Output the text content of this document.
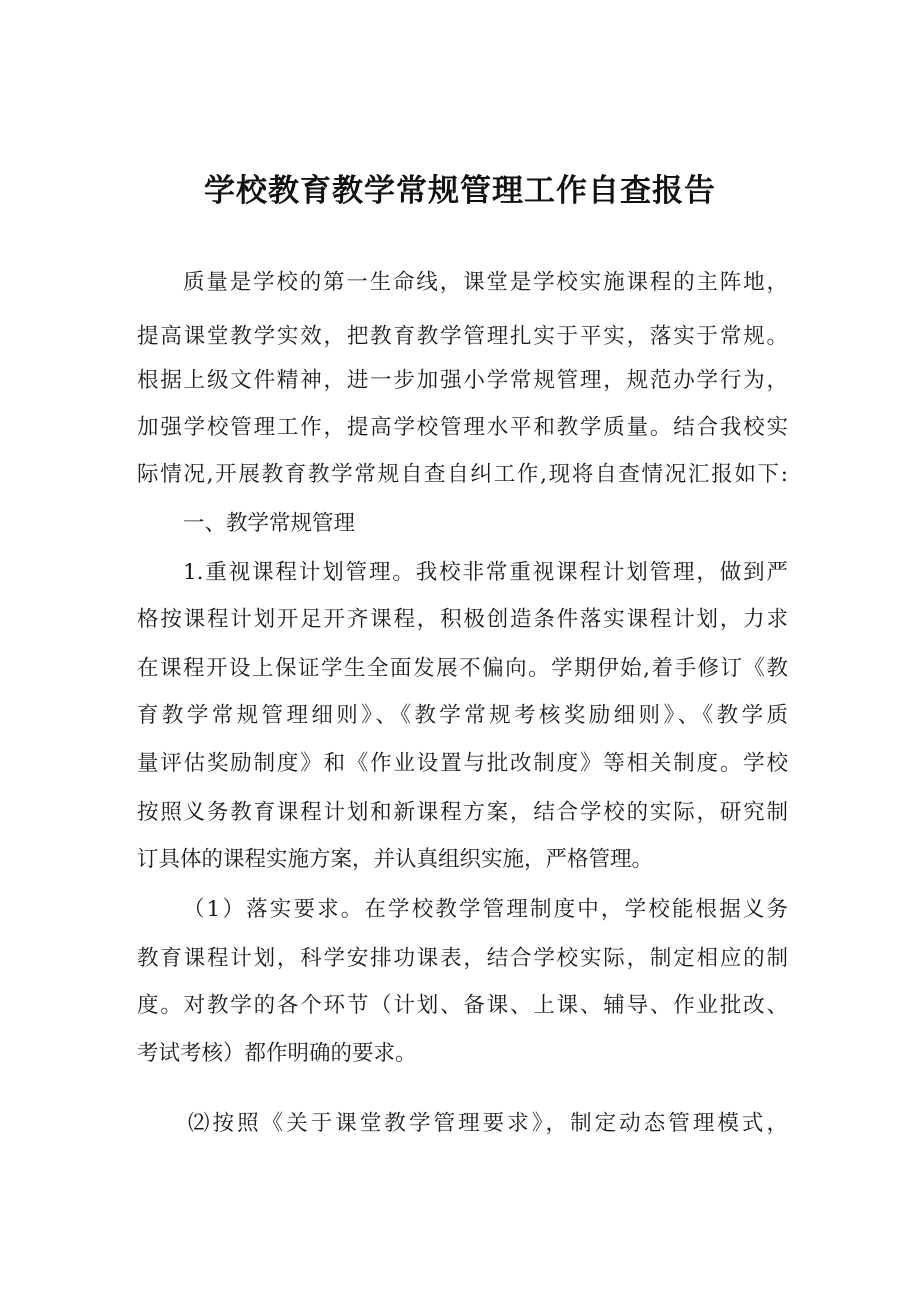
学校教育教学常规管理工作自查报告
质量是学校的第一生命线，课堂是学校实施课程的主阵地，
提高课堂教学实效，把教育教学管理扎实于平实，落实于常规。
根据上级文件精神，进一步加强小学常规管理，规范办学行为，
加强学校管理工作，提高学校管理水平和教学质量。结合我校实
际情况,开展教育教学常规自查自纠工作,现将自查情况汇报如下:
一、教学常规管理
1.重视课程计划管理。我校非常重视课程计划管理，做到严
格按课程计划开足开齐课程，积极创造条件落实课程计划，力求
在课程开设上保证学生全面发展不偏向。学期伊始,着手修订《教
育教学常规管理细则》、《教学常规考核奖励细则》、《教学质
量评估奖励制度》和《作业设置与批改制度》等相关制度。学校
按照义务教育课程计划和新课程方案，结合学校的实际，研究制
订具体的课程实施方案，并认真组织实施，严格管理。
（1）落实要求。在学校教学管理制度中，学校能根据义务
教育课程计划，科学安排功课表，结合学校实际，制定相应的制
度。对教学的各个环节（计划、备课、上课、辅导、作业批改、
考试考核）都作明确的要求。
⑵按照《关于课堂教学管理要求》，制定动态管理模式，
